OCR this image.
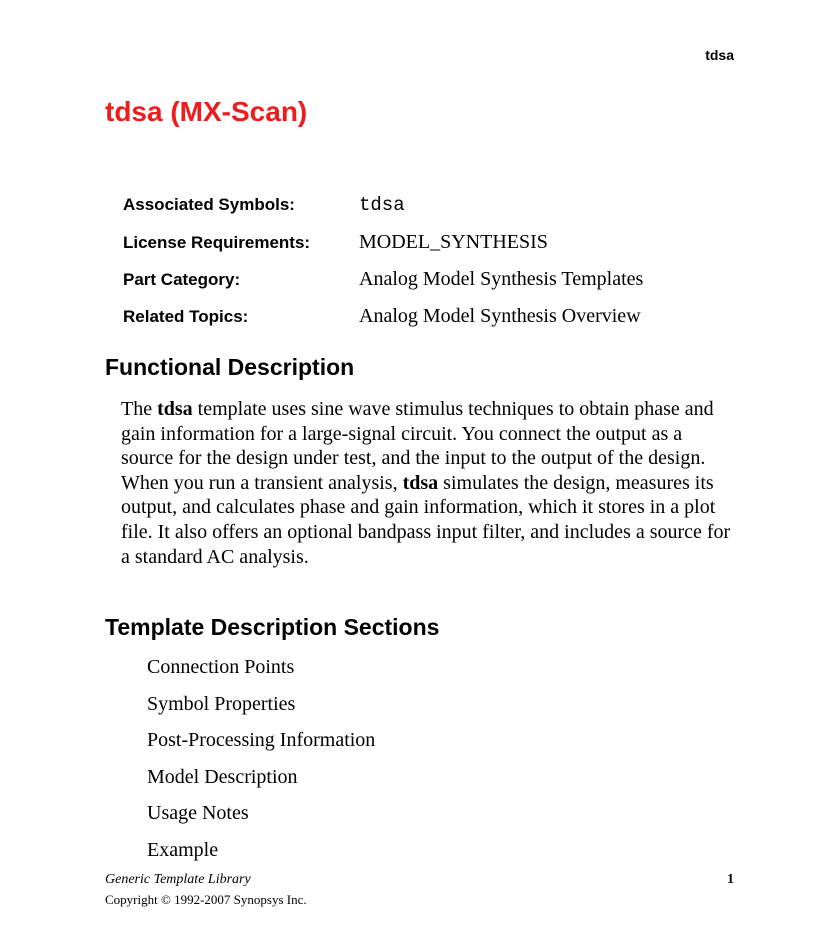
tdsa
tdsa (MX-Scan)
Associated Symbols:	tdsa
License Requirements:	MODEL_SYNTHESIS
Part Category:	Analog Model Synthesis Templates
Related Topics:	Analog Model Synthesis Overview
Functional Description

The tdsa template uses sine wave stimulus techniques to obtain phase and gain information for a large-signal circuit. You connect the output as a source for the design under test, and the input to the output of the design. When you run a transient analysis, tdsa simulates the design, measures its output, and calculates phase and gain information, which it stores in a plot file. It also offers an optional bandpass input filter, and includes a source for a standard AC analysis.

Template Description Sections
Connection Points
Symbol Properties
Post-Processing Information
Model Description
Usage Notes
Example
Generic Template Library	1
Copyright © 1992-2007 Synopsys Inc.
